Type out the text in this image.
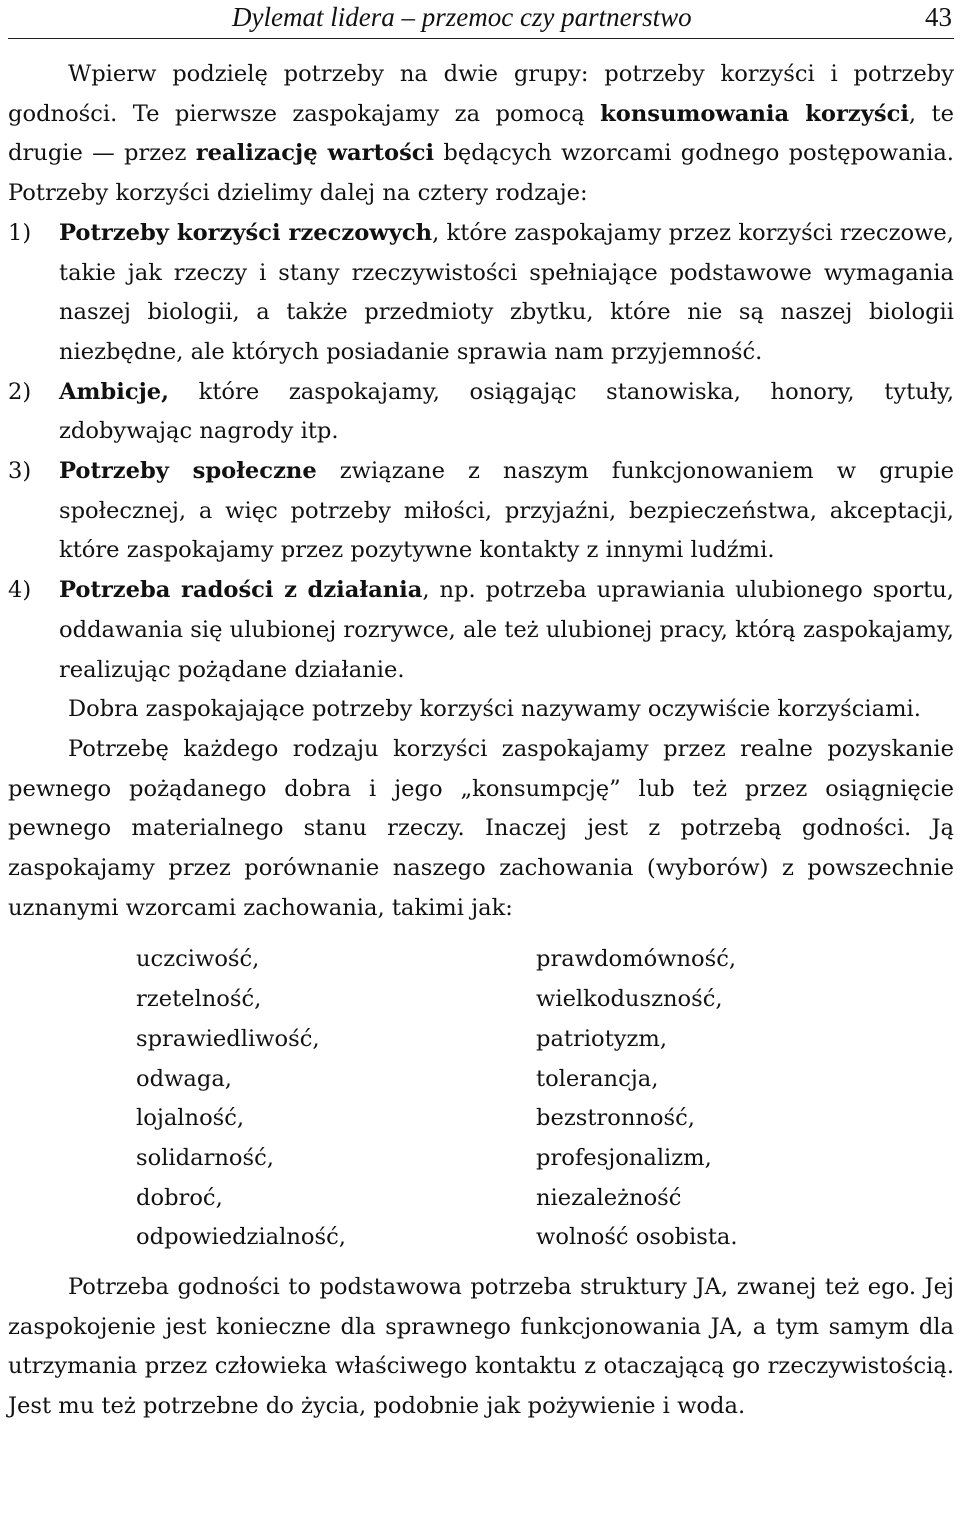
Dylemat lidera – przemoc czy partnerstwo	43

Wpierw podzielę potrzeby na dwie grupy: potrzeby korzyści i potrzeby godności. Te pierwsze zaspokajamy za pomocą konsumowania korzyści, te drugie — przez realizację wartości będących wzorcami godnego postępowania. Potrzeby korzyści dzielimy dalej na cztery rodzaje:

1) Potrzeby korzyści rzeczowych, które zaspokajamy przez korzyści rzeczowe, takie jak rzeczy i stany rzeczywistości spełniające podstawowe wymagania naszej biologii, a także przedmioty zbytku, które nie są naszej biologii niezbędne, ale których posiadanie sprawia nam przyjemność.

2) Ambicje, które zaspokajamy, osiągając stanowiska, honory, tytuły, zdobywając nagrody itp.

3) Potrzeby społeczne związane z naszym funkcjonowaniem w grupie społecznej, a więc potrzeby miłości, przyjaźni, bezpieczeństwa, akceptacji, które zaspokajamy przez pozytywne kontakty z innymi ludźmi.

4) Potrzeba radości z działania, np. potrzeba uprawiania ulubionego sportu, oddawania się ulubionej rozrywce, ale też ulubionej pracy, którą zaspokajamy, realizując pożądane działanie.

Dobra zaspokajające potrzeby korzyści nazywamy oczywiście korzyściami.

Potrzebę każdego rodzaju korzyści zaspokajamy przez realne pozyskanie pewnego pożądanego dobra i jego „konsumpcję” lub też przez osiągnięcie pewnego materialnego stanu rzeczy. Inaczej jest z potrzebą godności. Ją zaspokajamy przez porównanie naszego zachowania (wyborów) z powszechnie uznanymi wzorcami zachowania, takimi jak:

uczciwość,	prawdomówność,
rzetelność,	wielkoduszność,
sprawiedliwość,	patriotyzm,
odwaga,	tolerancja,
lojalność,	bezstronność,
solidarność,	profesjonalizm,
dobroć,	niezależność
odpowiedzialność,	wolność osobista.

Potrzeba godności to podstawowa potrzeba struktury JA, zwanej też ego. Jej zaspokojenie jest konieczne dla sprawnego funkcjonowania JA, a tym samym dla utrzymania przez człowieka właściwego kontaktu z otaczającą go rzeczywistością. Jest mu też potrzebne do życia, podobnie jak pożywienie i woda.
